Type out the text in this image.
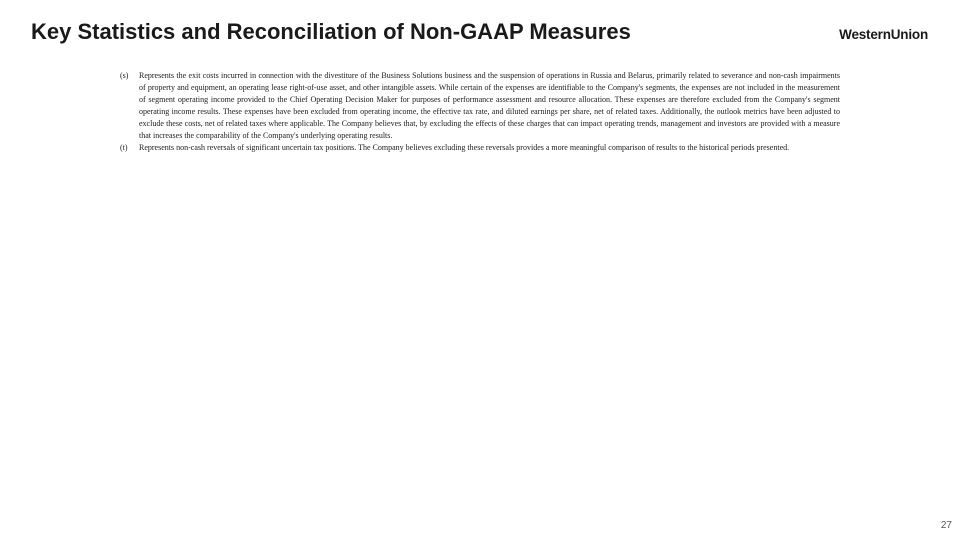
Key Statistics and Reconciliation of Non-GAAP Measures	WesternUnion
(s)	Represents the exit costs incurred in connection with the divestiture of the Business Solutions business and the suspension of operations in Russia and Belarus, primarily related to severance and non-cash impairments of property and equipment, an operating lease right-of-use asset, and other intangible assets. While certain of the expenses are identifiable to the Company's segments, the expenses are not included in the measurement of segment operating income provided to the Chief Operating Decision Maker for purposes of performance assessment and resource allocation. These expenses are therefore excluded from the Company's segment operating income results. These expenses have been excluded from operating income, the effective tax rate, and diluted earnings per share, net of related taxes. Additionally, the outlook metrics have been adjusted to exclude these costs, net of related taxes where applicable. The Company believes that, by excluding the effects of these charges that can impact operating trends, management and investors are provided with a measure that increases the comparability of the Company's underlying operating results.
(t)	Represents non-cash reversals of significant uncertain tax positions. The Company believes excluding these reversals provides a more meaningful comparison of results to the historical periods presented.
27
